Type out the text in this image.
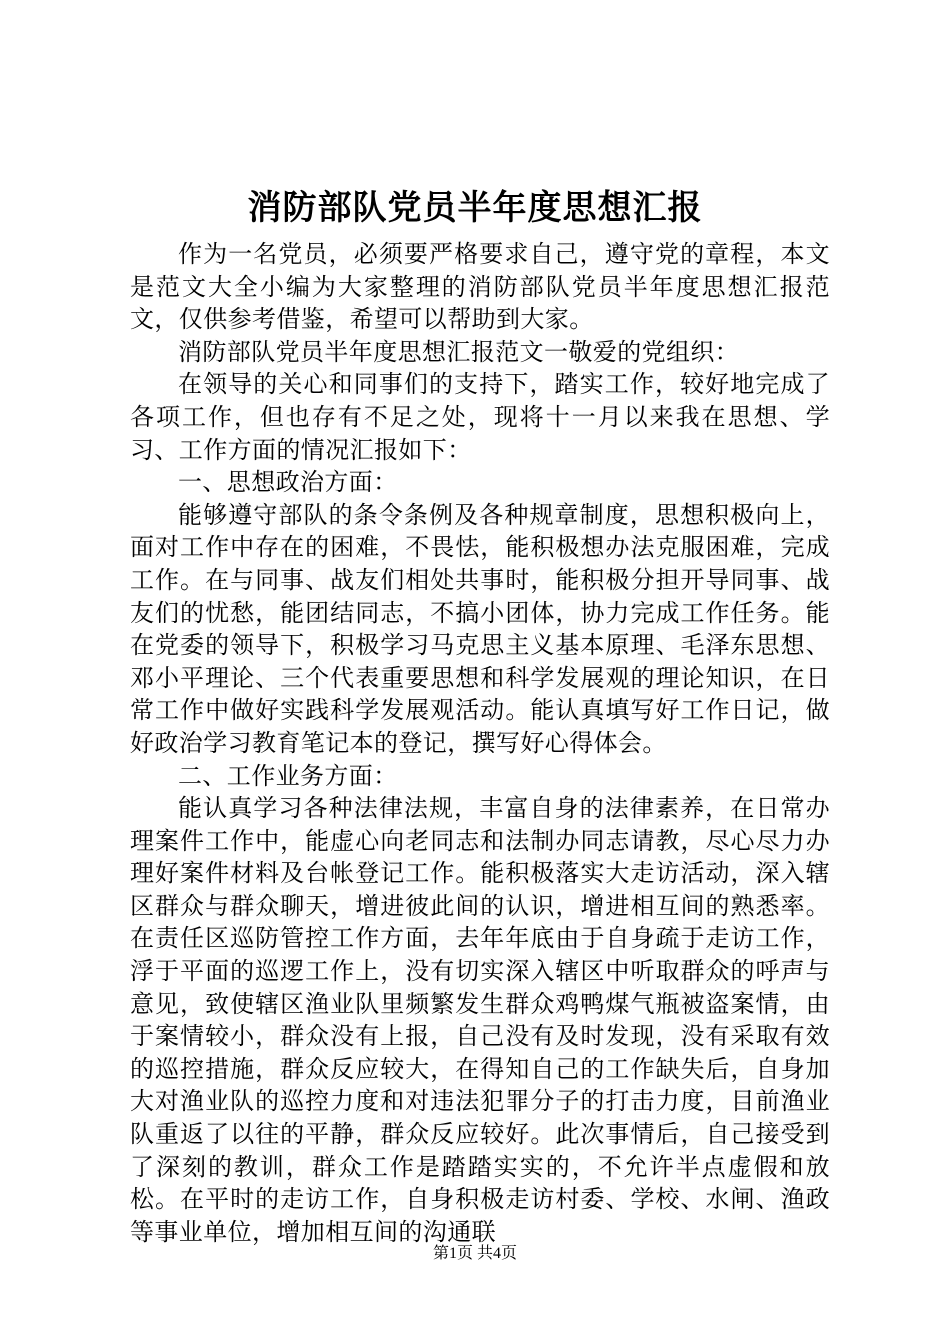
消防部队党员半年度思想汇报

作为一名党员，必须要严格要求自己，遵守党的章程，本文是范文大全小编为大家整理的消防部队党员半年度思想汇报范文，仅供参考借鉴，希望可以帮助到大家。

消防部队党员半年度思想汇报范文一敬爱的党组织：

在领导的关心和同事们的支持下，踏实工作，较好地完成了各项工作，但也存有不足之处，现将十一月以来我在思想、学习、工作方面的情况汇报如下：

一、思想政治方面：

能够遵守部队的条令条例及各种规章制度，思想积极向上，面对工作中存在的困难，不畏怯，能积极想办法克服困难，完成工作。在与同事、战友们相处共事时，能积极分担开导同事、战友们的忧愁，能团结同志，不搞小团体，协力完成工作任务。能在党委的领导下，积极学习马克思主义基本原理、毛泽东思想、邓小平理论、三个代表重要思想和科学发展观的理论知识，在日常工作中做好实践科学发展观活动。能认真填写好工作日记，做好政治学习教育笔记本的登记，撰写好心得体会。

二、工作业务方面：

能认真学习各种法律法规，丰富自身的法律素养，在日常办理案件工作中，能虚心向老同志和法制办同志请教，尽心尽力办理好案件材料及台帐登记工作。能积极落实大走访活动，深入辖区群众与群众聊天，增进彼此间的认识，增进相互间的熟悉率。在责任区巡防管控工作方面，去年年底由于自身疏于走访工作，浮于平面的巡逻工作上，没有切实深入辖区中听取群众的呼声与意见，致使辖区渔业队里频繁发生群众鸡鸭煤气瓶被盗案情，由于案情较小，群众没有上报，自己没有及时发现，没有采取有效的巡控措施，群众反应较大，在得知自己的工作缺失后，自身加大对渔业队的巡控力度和对违法犯罪分子的打击力度，目前渔业队重返了以往的平静，群众反应较好。此次事情后，自己接受到了深刻的教训，群众工作是踏踏实实的，不允许半点虚假和放松。在平时的走访工作，自身积极走访村委、学校、水闸、渔政等事业单位，增加相互间的沟通联

第1页 共4页
